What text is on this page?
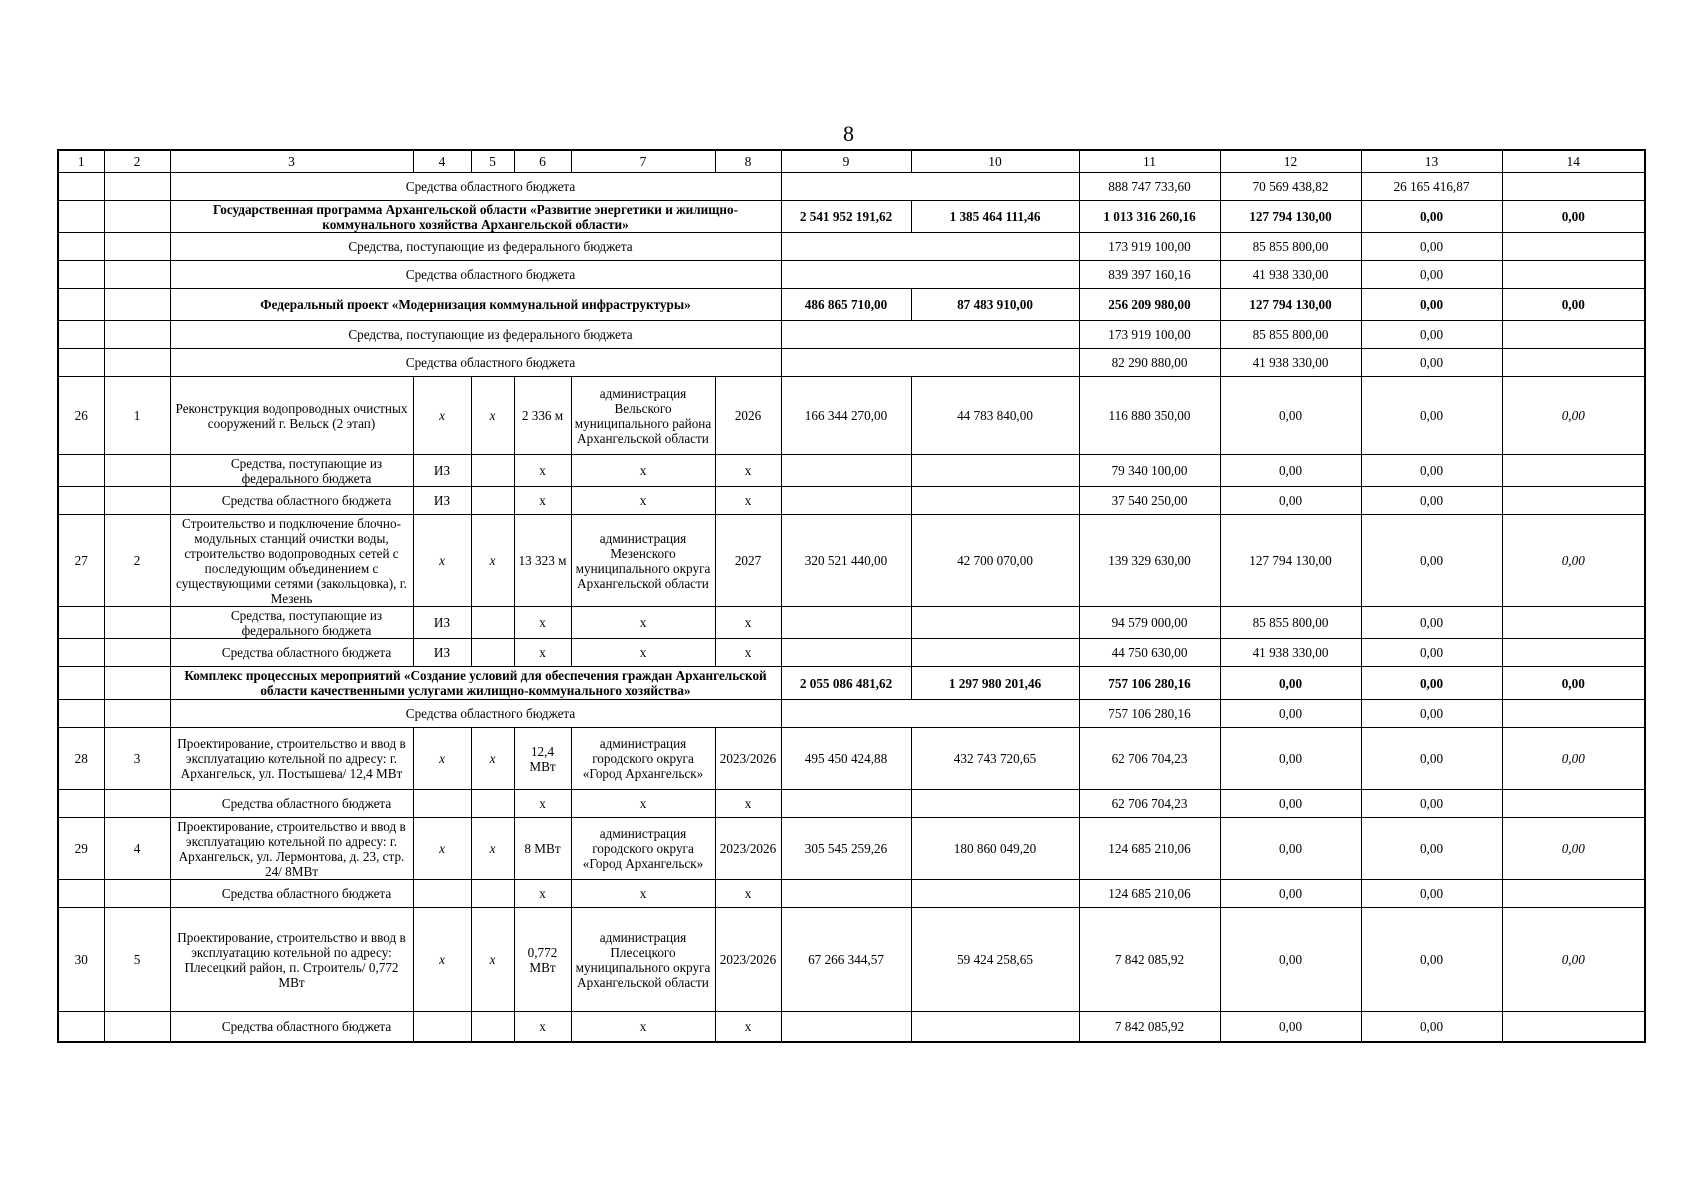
8
1	2	3	4	5	6	7	8	9	10	11	12	13	14
		Средства областного бюджета								888 747 733,60	70 569 438,82	26 165 416,87	
		Государственная программа Архангельской области «Развитие энергетики и жилищно-коммунального хозяйства Архангельской области»						2 541 952 191,62	1 385 464 111,46	1 013 316 260,16	127 794 130,00	0,00	0,00
		Средства, поступающие из федерального бюджета								173 919 100,00	85 855 800,00	0,00	
		Средства областного бюджета								839 397 160,16	41 938 330,00	0,00	
		Федеральный проект «Модернизация коммунальной инфраструктуры»						486 865 710,00	87 483 910,00	256 209 980,00	127 794 130,00	0,00	0,00
		Средства, поступающие из федерального бюджета								173 919 100,00	85 855 800,00	0,00	
		Средства областного бюджета								82 290 880,00	41 938 330,00	0,00	
26	1	Реконструкция водопроводных очистных сооружений г. Вельск (2 этап)	x	x	2 336 м	администрация Вельского муниципального района Архангельской области	2026	166 344 270,00	44 783 840,00	116 880 350,00	0,00	0,00	0,00
		Средства, поступающие из федерального бюджета	ИЗ		х	х	х			79 340 100,00	0,00	0,00	
		Средства областного бюджета	ИЗ		х	х	х			37 540 250,00	0,00	0,00	
27	2	Строительство и подключение блочно-модульных станций очистки воды, строительство водопроводных сетей с последующим объединением с существующими сетями (закольцовка), г. Мезень	x	x	13 323 м	администрация Мезенского муниципального округа Архангельской области	2027	320 521 440,00	42 700 070,00	139 329 630,00	127 794 130,00	0,00	0,00
		Средства, поступающие из федерального бюджета	ИЗ		х	х	х			94 579 000,00	85 855 800,00	0,00	
		Средства областного бюджета	ИЗ		х	х	х			44 750 630,00	41 938 330,00	0,00	
		Комплекс процессных мероприятий «Создание условий для обеспечения граждан Архангельской области качественными услугами жилищно-коммунального хозяйства»						2 055 086 481,62	1 297 980 201,46	757 106 280,16	0,00	0,00	0,00
		Средства областного бюджета								757 106 280,16	0,00	0,00	
28	3	Проектирование, строительство и ввод в эксплуатацию котельной по адресу: г. Архангельск, ул. Постышева/ 12,4 МВт	x	x	12,4 МВт	администрация городского округа «Город Архангельск»	2023/2026	495 450 424,88	432 743 720,65	62 706 704,23	0,00	0,00	0,00
		Средства областного бюджета			х	х	х			62 706 704,23	0,00	0,00	
29	4	Проектирование, строительство и ввод в эксплуатацию котельной по адресу: г. Архангельск, ул. Лермонтова, д. 23, стр. 24/ 8МВт	x	x	8 МВт	администрация городского округа «Город Архангельск»	2023/2026	305 545 259,26	180 860 049,20	124 685 210,06	0,00	0,00	0,00
		Средства областного бюджета			х	х	х			124 685 210,06	0,00	0,00	
30	5	Проектирование, строительство и ввод в эксплуатацию котельной по адресу: Плесецкий район, п. Строитель/ 0,772 МВт	x	x	0,772 МВт	администрация Плесецкого муниципального округа Архангельской области	2023/2026	67 266 344,57	59 424 258,65	7 842 085,92	0,00	0,00	0,00
		Средства областного бюджета			х	х	х			7 842 085,92	0,00	0,00	
